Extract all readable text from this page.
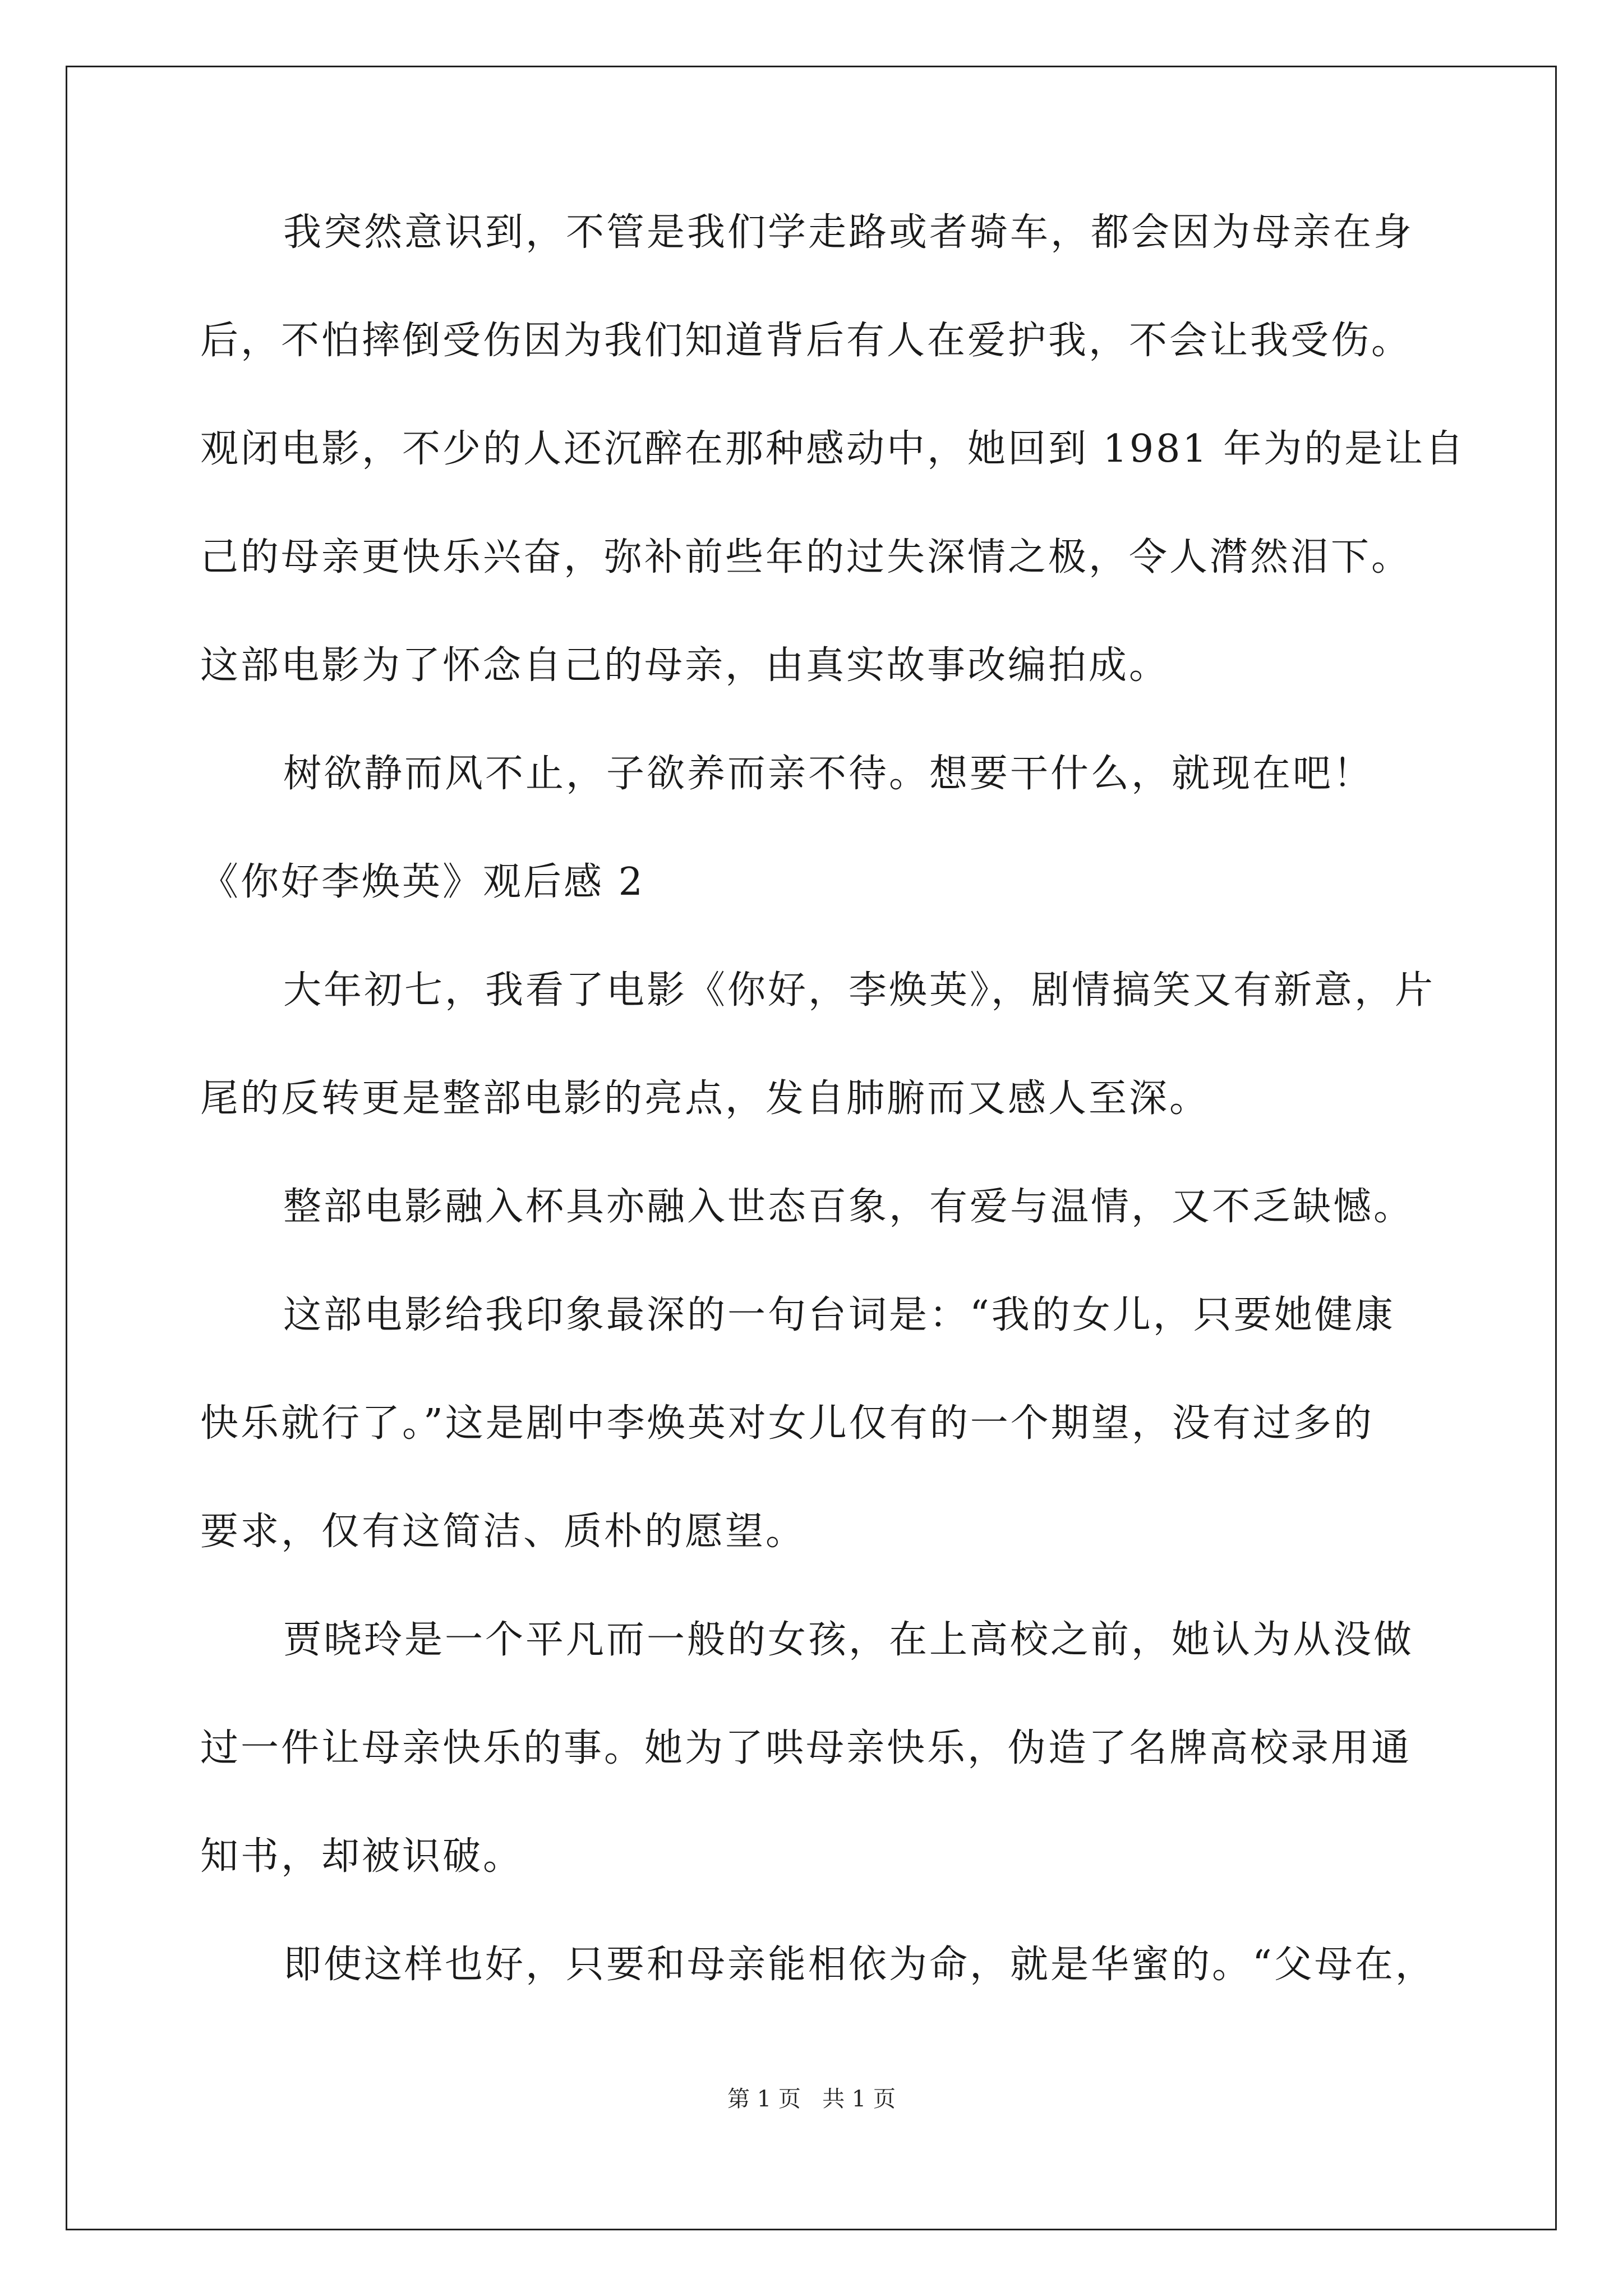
我突然意识到，不管是我们学走路或者骑车，都会因为母亲在身
后，不怕摔倒受伤因为我们知道背后有人在爱护我，不会让我受伤。
观闭电影，不少的人还沉醉在那种感动中，她回到 1981 年为的是让自
己的母亲更快乐兴奋，弥补前些年的过失深情之极，令人潸然泪下。
这部电影为了怀念自己的母亲，由真实故事改编拍成。
树欲静而风不止，子欲养而亲不待。想要干什么，就现在吧！
《你好李焕英》观后感 2
大年初七，我看了电影《你好，李焕英》，剧情搞笑又有新意，片
尾的反转更是整部电影的亮点，发自肺腑而又感人至深。
整部电影融入杯具亦融入世态百象，有爱与温情，又不乏缺憾。
这部电影给我印象最深的一句台词是：“我的女儿，只要她健康
快乐就行了。”这是剧中李焕英对女儿仅有的一个期望，没有过多的
要求，仅有这简洁、质朴的愿望。
贾晓玲是一个平凡而一般的女孩，在上高校之前，她认为从没做
过一件让母亲快乐的事。她为了哄母亲快乐，伪造了名牌高校录用通
知书，却被识破。
即使这样也好，只要和母亲能相依为命，就是华蜜的。“父母在，
第 1 页   共 1 页
